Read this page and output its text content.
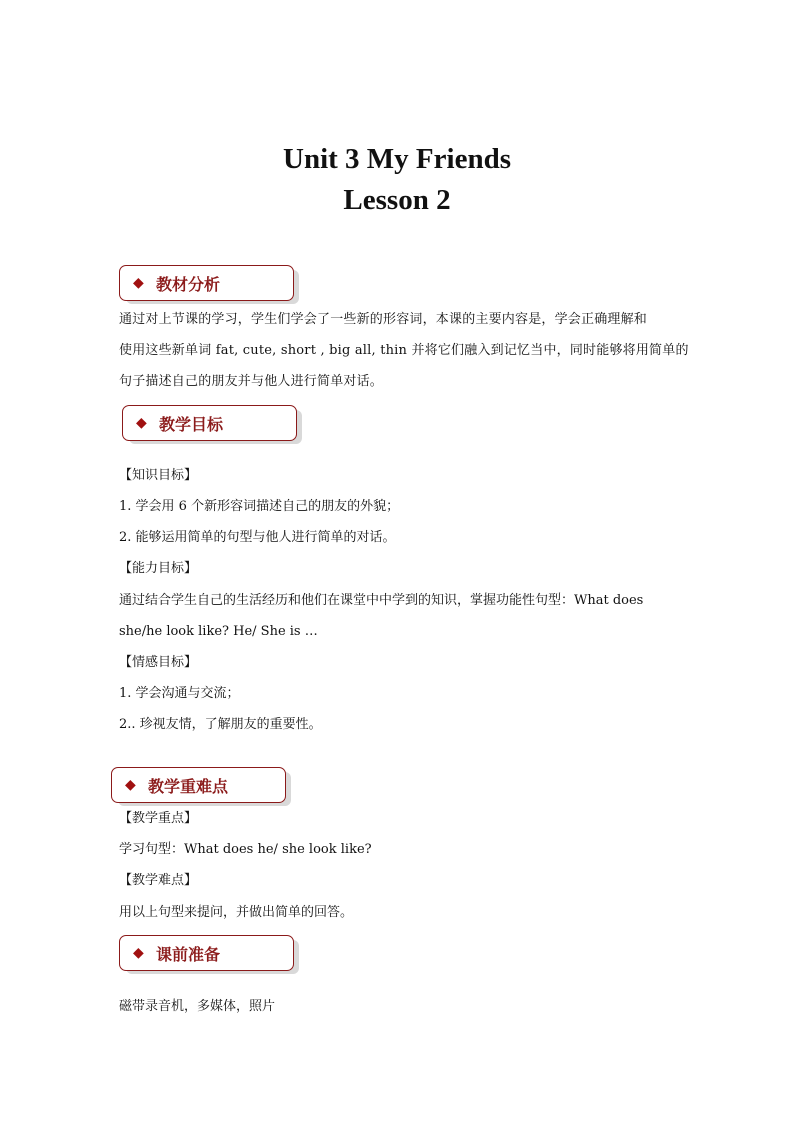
Unit 3 My Friends
Lesson 2
◆ 教材分析
通过对上节课的学习，学生们学会了一些新的形容词，本课的主要内容是，学会正确理解和
使用这些新单词 fat, cute, short , big all, thin 并将它们融入到记忆当中，同时能够将用简单的
句子描述自己的朋友并与他人进行简单对话。
◆ 教学目标
【知识目标】
1. 学会用 6 个新形容词描述自己的朋友的外貌；
2. 能够运用简单的句型与他人进行简单的对话。
【能力目标】
通过结合学生自己的生活经历和他们在课堂中中学到的知识，掌握功能性句型：What does
she/he look like? He/ She is …
【情感目标】
1. 学会沟通与交流；
2.. 珍视友情，了解朋友的重要性。
◆ 教学重难点
【教学重点】
学习句型：What does he/ she look like?
【教学难点】
用以上句型来提问，并做出简单的回答。
◆ 课前准备
磁带录音机，多媒体，照片
